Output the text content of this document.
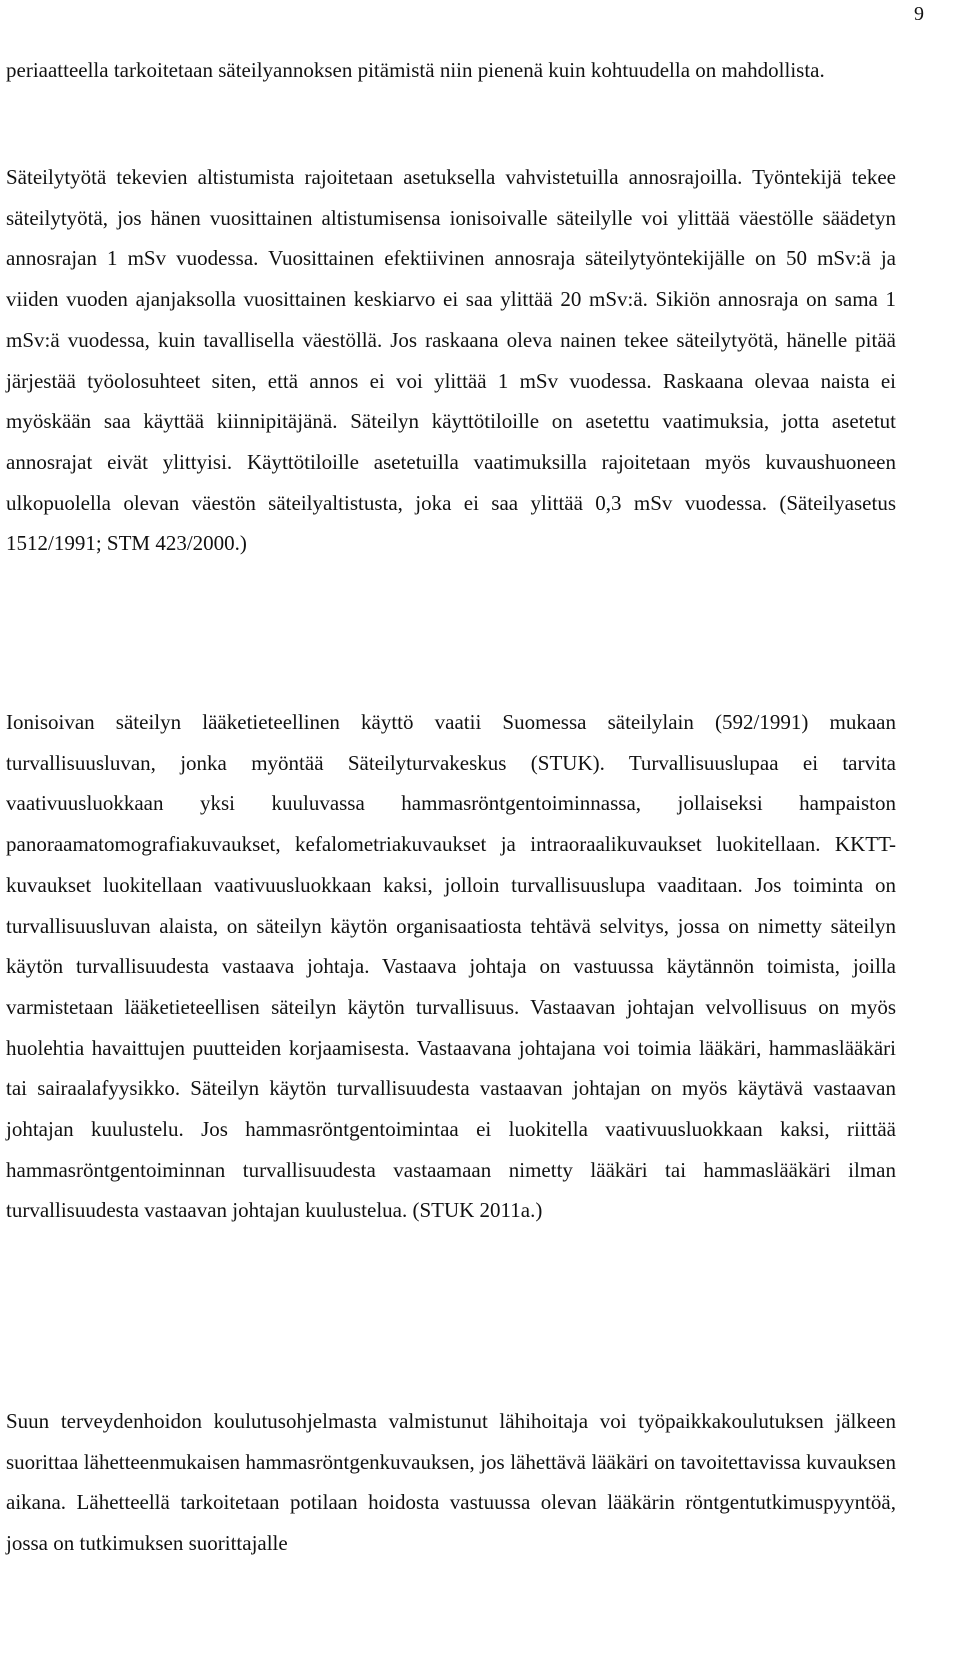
9

periaatteella tarkoitetaan säteilyannoksen pitämistä niin pienenä kuin kohtuudella on mahdollista.

Säteilytyötä tekevien altistumista rajoitetaan asetuksella vahvistetuilla annosrajoilla. Työntekijä tekee säteilytyötä, jos hänen vuosittainen altistumisensa ionisoivalle säteilylle voi ylittää väestölle säädetyn annosrajan 1 mSv vuodessa. Vuosittainen efektiivinen annosraja säteilytyöntekijälle on 50 mSv:ä ja viiden vuoden ajanjaksolla vuosittainen keskiarvo ei saa ylittää 20 mSv:ä. Sikiön annosraja on sama 1 mSv:ä vuodessa, kuin tavallisella väestöllä. Jos raskaana oleva nainen tekee säteilytyötä, hänelle pitää järjestää työolosuhteet siten, että annos ei voi ylittää 1 mSv vuodessa. Raskaana olevaa naista ei myöskään saa käyttää kiinnipitäjänä. Säteilyn käyttötiloille on asetettu vaatimuksia, jotta asetetut annosrajat eivät ylittyisi. Käyttötiloille asetetuilla vaatimuksilla rajoitetaan myös kuvaushuoneen ulkopuolella olevan väestön säteilyaltistusta, joka ei saa ylittää 0,3 mSv vuodessa. (Säteilyasetus 1512/1991; STM 423/2000.)

Ionisoivan säteilyn lääketieteellinen käyttö vaatii Suomessa säteilylain (592/1991) mukaan turvallisuusluvan, jonka myöntää Säteilyturvakeskus (STUK). Turvallisuuslupaa ei tarvita vaativuusluokkaan yksi kuuluvassa hammasröntgentoiminnassa, jollaiseksi hampaiston panoraamatomografiakuvaukset, kefalometriakuvaukset ja intraoraalikuvaukset luokitellaan. KKTT-kuvaukset luokitellaan vaativuusluokkaan kaksi, jolloin turvallisuuslupa vaaditaan. Jos toiminta on turvallisuusluvan alaista, on säteilyn käytön organisaatiosta tehtävä selvitys, jossa on nimetty säteilyn käytön turvallisuudesta vastaava johtaja. Vastaava johtaja on vastuussa käytännön toimista, joilla varmistetaan lääketieteellisen säteilyn käytön turvallisuus. Vastaavan johtajan velvollisuus on myös huolehtia havaittujen puutteiden korjaamisesta. Vastaavana johtajana voi toimia lääkäri, hammaslääkäri tai sairaalafyysikko. Säteilyn käytön turvallisuudesta vastaavan johtajan on myös käytävä vastaavan johtajan kuulustelu. Jos hammasröntgentoimintaa ei luokitella vaativuusluokkaan kaksi, riittää hammasröntgentoiminnan turvallisuudesta vastaamaan nimetty lääkäri tai hammaslääkäri ilman turvallisuudesta vastaavan johtajan kuulustelua. (STUK 2011a.)

Suun terveydenhoidon koulutusohjelmasta valmistunut lähihoitaja voi työpaikkakoulutuksen jälkeen suorittaa lähetteenmukaisen hammasröntgenkuvauksen, jos lähettävä lääkäri on tavoitettavissa kuvauksen aikana. Lähetteellä tarkoitetaan potilaan hoidosta vastuussa olevan lääkärin röntgentutkimuspyyntöä, jossa on tutkimuksen suorittajalle
